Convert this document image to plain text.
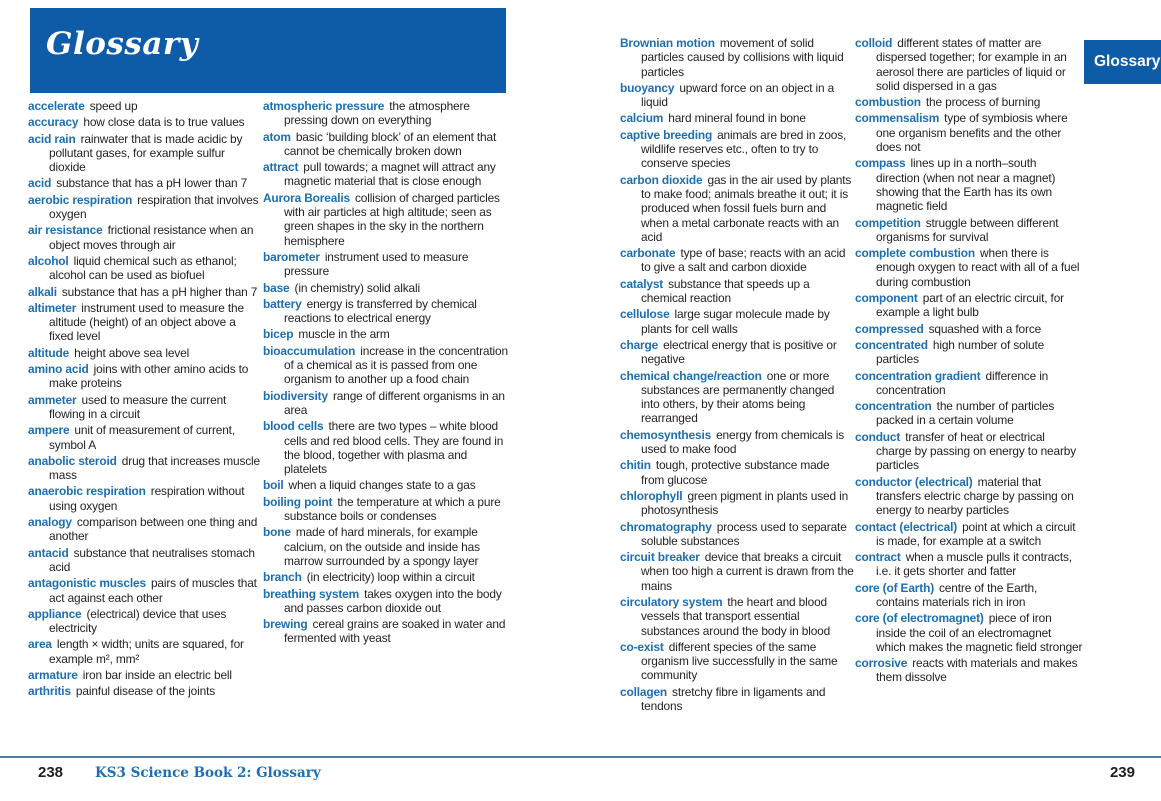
Glossary	Glossary
accelerate speed up
accuracy how close data is to true values
acid rain rainwater that is made acidic by pollutant gases, for example sulfur dioxide
acid substance that has a pH lower than 7
aerobic respiration respiration that involves oxygen
air resistance frictional resistance when an object moves through air
alcohol liquid chemical such as ethanol; alcohol can be used as biofuel
alkali substance that has a pH higher than 7
altimeter instrument used to measure the altitude (height) of an object above a fixed level
altitude height above sea level
amino acid joins with other amino acids to make proteins
ammeter used to measure the current flowing in a circuit
ampere unit of measurement of current, symbol A
anabolic steroid drug that increases muscle mass
anaerobic respiration respiration without using oxygen
analogy comparison between one thing and another
antacid substance that neutralises stomach acid
antagonistic muscles pairs of muscles that act against each other
appliance (electrical) device that uses electricity
area length × width; units are squared, for example m², mm²
armature iron bar inside an electric bell
arthritis painful disease of the joints
atmospheric pressure the atmosphere pressing down on everything
atom basic ‘building block’ of an element that cannot be chemically broken down
attract pull towards; a magnet will attract any magnetic material that is close enough
Aurora Borealis collision of charged particles with air particles at high altitude; seen as green shapes in the sky in the northern hemisphere
barometer instrument used to measure pressure
base (in chemistry) solid alkali
battery energy is transferred by chemical reactions to electrical energy
bicep muscle in the arm
bioaccumulation increase in the concentration of a chemical as it is passed from one organism to another up a food chain
biodiversity range of different organisms in an area
blood cells there are two types – white blood cells and red blood cells. They are found in the blood, together with plasma and platelets
boil when a liquid changes state to a gas
boiling point the temperature at which a pure substance boils or condenses
bone made of hard minerals, for example calcium, on the outside and inside has marrow surrounded by a spongy layer
branch (in electricity) loop within a circuit
breathing system takes oxygen into the body and passes carbon dioxide out
brewing cereal grains are soaked in water and fermented with yeast
Brownian motion movement of solid particles caused by collisions with liquid particles
buoyancy upward force on an object in a liquid
calcium hard mineral found in bone
captive breeding animals are bred in zoos, wildlife reserves etc., often to try to conserve species
carbon dioxide gas in the air used by plants to make food; animals breathe it out; it is produced when fossil fuels burn and when a metal carbonate reacts with an acid
carbonate type of base; reacts with an acid to give a salt and carbon dioxide
catalyst substance that speeds up a chemical reaction
cellulose large sugar molecule made by plants for cell walls
charge electrical energy that is positive or negative
chemical change/reaction one or more substances are permanently changed into others, by their atoms being rearranged
chemosynthesis energy from chemicals is used to make food
chitin tough, protective substance made from glucose
chlorophyll green pigment in plants used in photosynthesis
chromatography process used to separate soluble substances
circuit breaker device that breaks a circuit when too high a current is drawn from the mains
circulatory system the heart and blood vessels that transport essential substances around the body in blood
co-exist different species of the same organism live successfully in the same community
collagen stretchy fibre in ligaments and tendons
colloid different states of matter are dispersed together; for example in an aerosol there are particles of liquid or solid dispersed in a gas
combustion the process of burning
commensalism type of symbiosis where one organism benefits and the other does not
compass lines up in a north–south direction (when not near a magnet) showing that the Earth has its own magnetic field
competition struggle between different organisms for survival
complete combustion when there is enough oxygen to react with all of a fuel during combustion
component part of an electric circuit, for example a light bulb
compressed squashed with a force
concentrated high number of solute particles
concentration gradient difference in concentration
concentration the number of particles packed in a certain volume
conduct transfer of heat or electrical charge by passing on energy to nearby particles
conductor (electrical) material that transfers electric charge by passing on energy to nearby particles
contact (electrical) point at which a circuit is made, for example at a switch
contract when a muscle pulls it contracts, i.e. it gets shorter and fatter
core (of Earth) centre of the Earth, contains materials rich in iron
core (of electromagnet) piece of iron inside the coil of an electromagnet which makes the magnetic field stronger
corrosive reacts with materials and makes them dissolve
238 KS3 Science Book 2: Glossary	239
